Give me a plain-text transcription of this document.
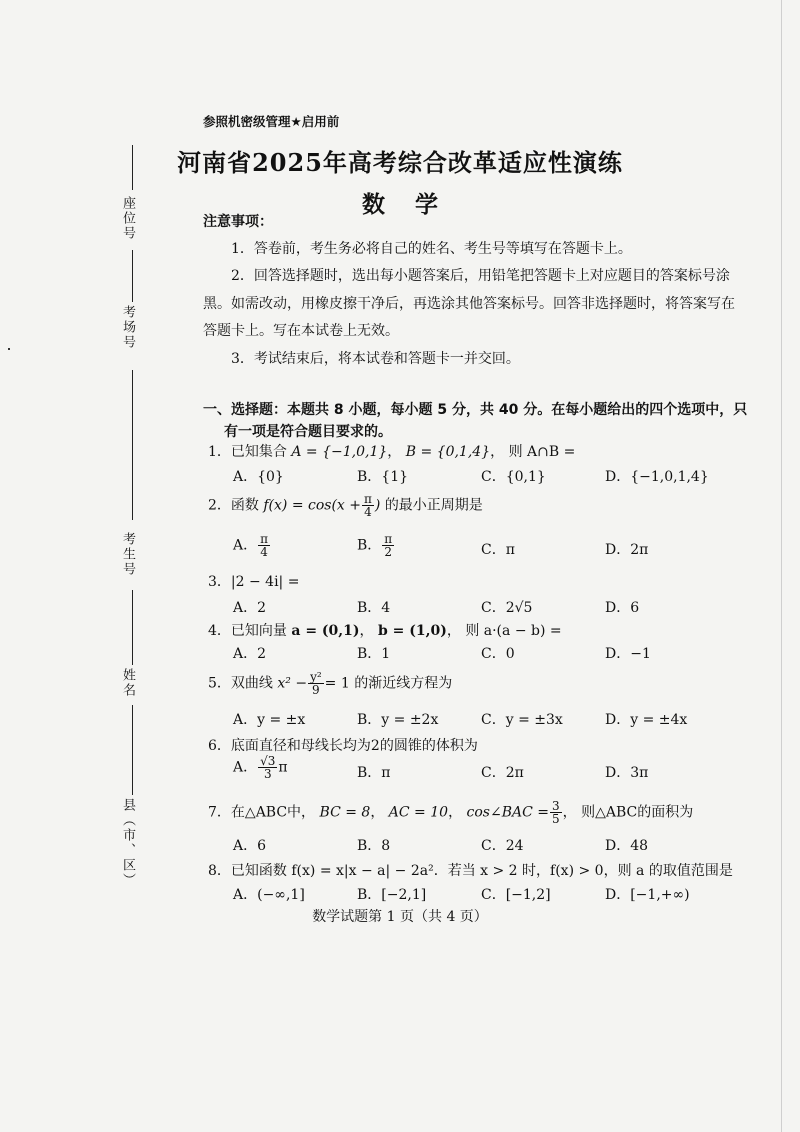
座位号
考场号
考生号
姓名
县（市、区）
参照机密级管理★启用前
河南省2025年高考综合改革适应性演练
数学
注意事项：
1．答卷前，考生务必将自己的姓名、考生号等填写在答题卡上。
2．回答选择题时，选出每小题答案后，用铅笔把答题卡上对应题目的答案标号涂
黑。如需改动，用橡皮擦干净后，再选涂其他答案标号。回答非选择题时，将答案写在
答题卡上。写在本试卷上无效。
3．考试结束后，将本试卷和答题卡一并交回。
一、选择题：本题共 8 小题，每小题 5 分，共 40 分。在每小题给出的四个选项中，只
有一项是符合题目要求的。
1．已知集合 A = {−1,0,1}， B = {0,1,4}， 则 A∩B =
A．{0}	B．{1}	C．{0,1}	D．{−1,0,1,4}
2．函数 $f(x) = \cos(x + \frac{\pi}{4}$ ) 的最小正周期是
A． $\frac{\pi}{4}$	B． $\frac{\pi}{2}$	C．π	D．2π
3．|2 − 4i| =
A．2	B．4	C．2√5	D．6
4．已知向量 a = (0,1)， b = (1,0)， 则 a·(a − b) =
A．2	B．1	C．0	D．−1
5．双曲线 $x^2 - \frac{\text{y²}}{9} = 1$ 的渐近线方程为
A．y = ±x	B．y = ±2x	C．y = ±3x	D．y = ±4x
6．底面直径和母线长均为2的圆锥的体积为
A． $\frac{√3}{3}$ π	B．π	C．2π	D．3π
7．在△ABC中， BC = 8， AC = 10， cos∠BAC = $\frac{3}{5}$ ， 则△ABC的面积为
A．6	B．8	C．24	D．48
8．已知函数 f(x) = x|x − a| − 2a²．若当 x > 2 时，f(x) > 0，则 a 的取值范围是
A．(−∞,1]	B．[−2,1]	C．[−1,2]	D．[−1,+∞)
数学试题第 1 页（共 4 页）
